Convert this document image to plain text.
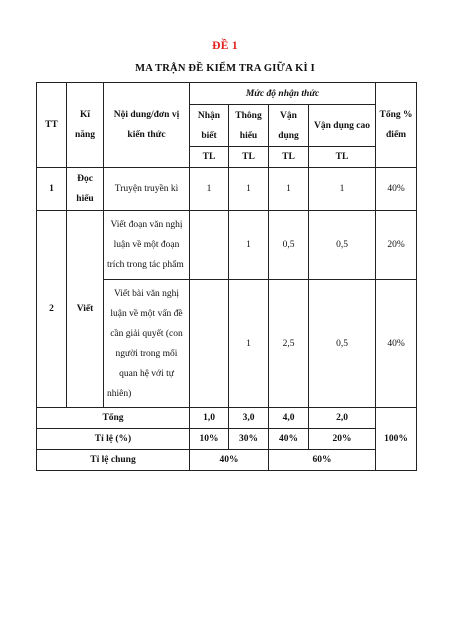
ĐỀ 1
MA TRẬN ĐỀ KIỂM TRA GIỮA KÌ I
TT	Kĩ năng	Nội dung/đơn vị kiến thức	Mức độ nhận thức				Tổng % điểm
			Nhận biết	Thông hiểu	Vận dụng	Vận dụng cao	
			TL	TL	TL	TL	
1	Đọc hiểu	Truyện truyền kì	1	1	1	1	40%
2	Viết	Viết đoạn văn nghị luận về một đoạn trích trong tác phẩm		1	0,5	0,5	20%
		Viết bài văn nghị luận về một vấn đề cần giải quyết (con người trong mối quan hệ với tự nhiên)		1	2,5	0,5	40%
Tổng			1,0	3,0	4,0	2,0	100%
Tỉ lệ (%)			10%	30%	40%	20%	
Tỉ lệ chung			40%		60%		
